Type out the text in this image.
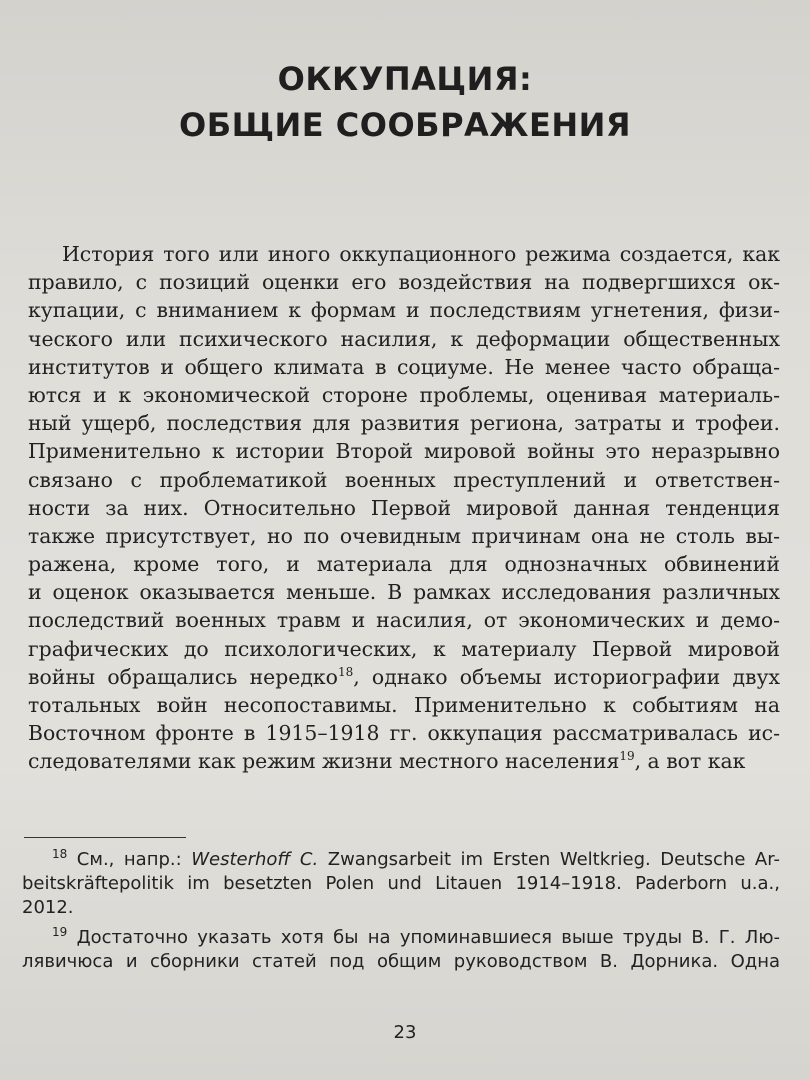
ОККУПАЦИЯ:
ОБЩИЕ СООБРАЖЕНИЯ
История того или иного оккупационного режима создается, как
правило, с позиций оценки его воздействия на подвергшихся ок-
купации, с вниманием к формам и последствиям угнетения, физи-
ческого или психического насилия, к деформации общественных
институтов и общего климата в социуме. Не менее часто обраща-
ются и к экономической стороне проблемы, оценивая материаль-
ный ущерб, последствия для развития региона, затраты и трофеи.
Применительно к истории Второй мировой войны это неразрывно
связано с проблематикой военных преступлений и ответствен-
ности за них. Относительно Первой мировой данная тенденция
также присутствует, но по очевидным причинам она не столь вы-
ражена, кроме того, и материала для однозначных обвинений
и оценок оказывается меньше. В рамках исследования различных
последствий военных травм и насилия, от экономических и демо-
графических до психологических, к материалу Первой мировой
войны обращались нередко$^{18}$, однако объемы историографии двух
тотальных войн несопоставимы. Применительно к событиям на
Восточном фронте в 1915–1918 гг. оккупация рассматривалась ис-
следователями как режим жизни местного населения$^{19}$, а вот как
$^{18}$ См., напр.: Westerhoff C. Zwangsarbeit im Ersten Weltkrieg. Deutsche Ar-
beitskräftepolitik im besetzten Polen und Litauen 1914–1918. Paderborn u.a.,
2012.
$^{19}$ Достаточно указать хотя бы на упоминавшиеся выше труды В. Г. Лю-
лявичюса и сборники статей под общим руководством В. Дорника. Одна
23
